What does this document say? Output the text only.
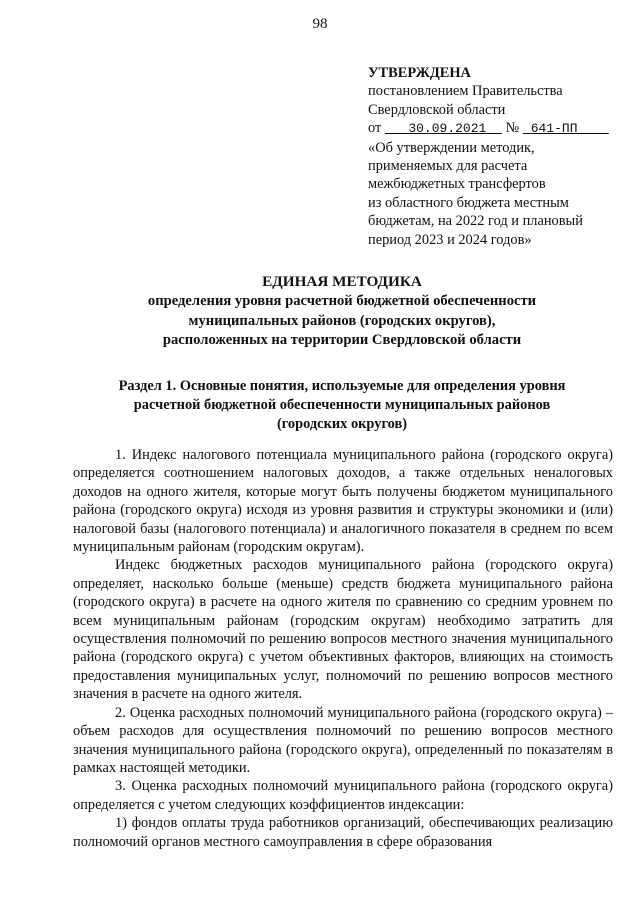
98
УТВЕРЖДЕНА
постановлением Правительства
Свердловской области
от 30.09.2021 № 641-ПП
«Об утверждении методик,
применяемых для расчета
межбюджетных трансфертов
из областного бюджета местным
бюджетам, на 2022 год и плановый
период 2023 и 2024 годов»
ЕДИНАЯ МЕТОДИКА
определения уровня расчетной бюджетной обеспеченности
муниципальных районов (городских округов),
расположенных на территории Свердловской области
Раздел 1. Основные понятия, используемые для определения уровня
расчетной бюджетной обеспеченности муниципальных районов
(городских округов)

1. Индекс налогового потенциала муниципального района (городского округа) определяется соотношением налоговых доходов, а также отдельных неналоговых доходов на одного жителя, которые могут быть получены бюджетом муниципального района (городского округа) исходя из уровня развития и структуры экономики и (или) налоговой базы (налогового потенциала) и аналогичного показателя в среднем по всем муниципальным районам (городским округам).

Индекс бюджетных расходов муниципального района (городского округа) определяет, насколько больше (меньше) средств бюджета муниципального района (городского округа) в расчете на одного жителя по сравнению со средним уровнем по всем муниципальным районам (городским округам) необходимо затратить для осуществления полномочий по решению вопросов местного значения муниципального района (городского округа) с учетом объективных факторов, влияющих на стоимость предоставления муниципальных услуг, полномочий по решению вопросов местного значения в расчете на одного жителя.

2. Оценка расходных полномочий муниципального района (городского округа) – объем расходов для осуществления полномочий по решению вопросов местного значения муниципального района (городского округа), определенный по показателям в рамках настоящей методики.

3. Оценка расходных полномочий муниципального района (городского округа) определяется с учетом следующих коэффициентов индексации:

1) фондов оплаты труда работников организаций, обеспечивающих реализацию полномочий органов местного самоуправления в сфере образования
